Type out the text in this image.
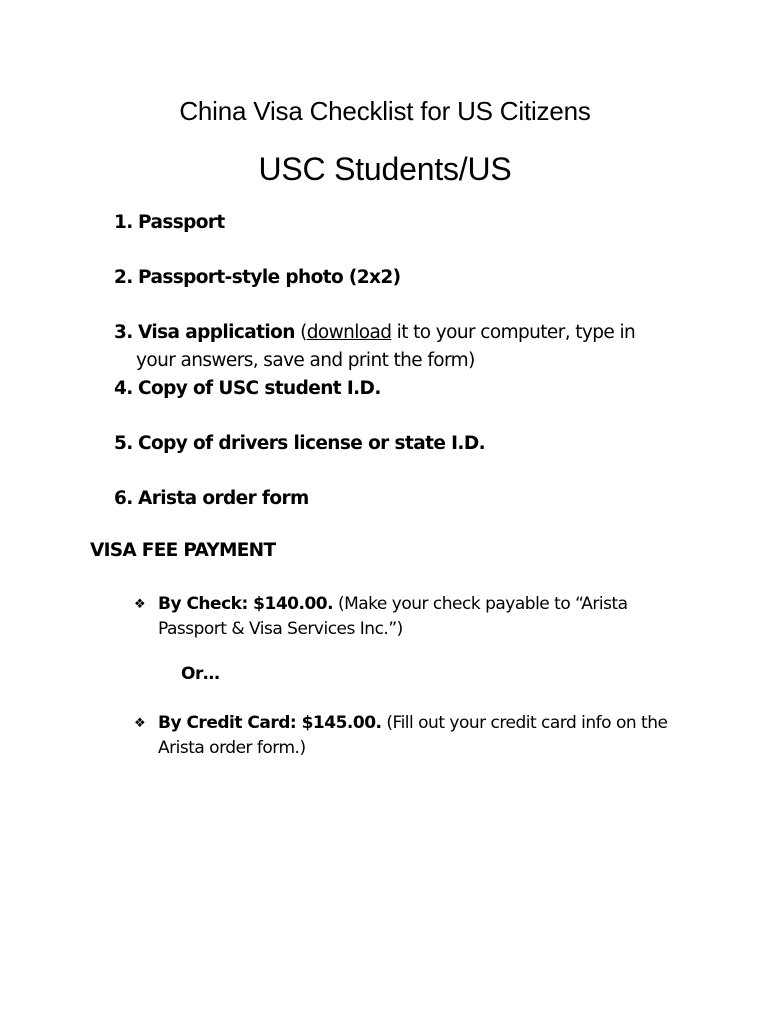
China Visa Checklist for US Citizens
USC Students/US
1. Passport
2. Passport-style photo (2x2)
3. Visa application (download it to your computer, type in
your answers, save and print the form)
4. Copy of USC student I.D.
5. Copy of drivers license or state I.D.
6. Arista order form
VISA FEE PAYMENT
❖ By Check: $140.00. (Make your check payable to “Arista
Passport & Visa Services Inc.”)
Or…
❖ By Credit Card: $145.00. (Fill out your credit card info on the
Arista order form.)
